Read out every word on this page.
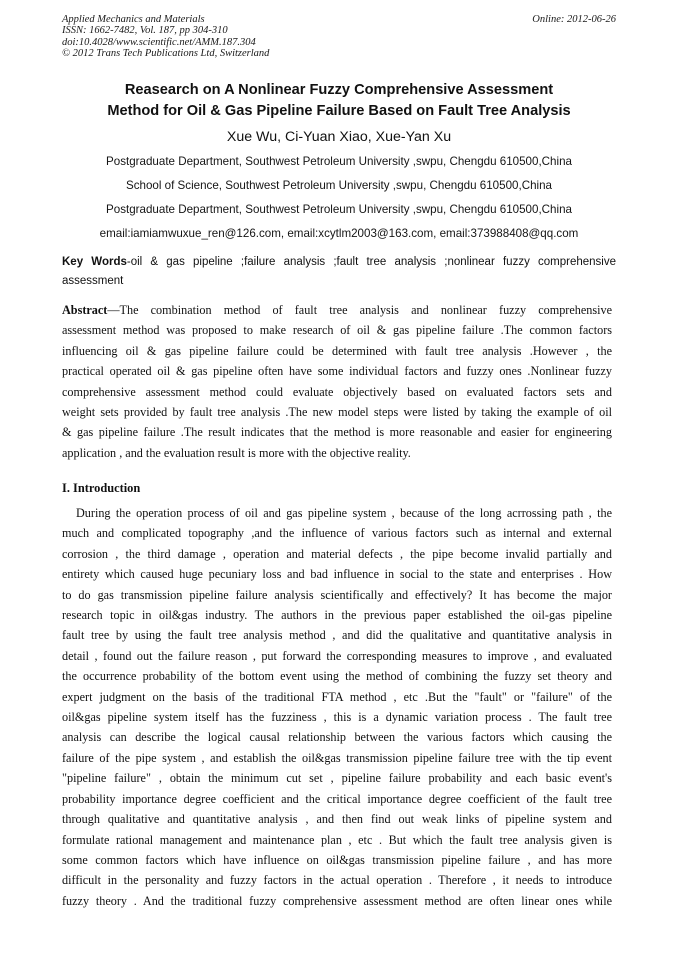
Applied Mechanics and Materials	Online: 2012-06-26
ISSN: 1662-7482, Vol. 187, pp 304-310
doi:10.4028/www.scientific.net/AMM.187.304
© 2012 Trans Tech Publications Ltd, Switzerland
Reasearch on A Nonlinear Fuzzy Comprehensive Assessment
Method for Oil & Gas Pipeline Failure Based on Fault Tree Analysis
Xue Wu, Ci-Yuan Xiao, Xue-Yan Xu
Postgraduate Department, Southwest Petroleum University ,swpu, Chengdu 610500,China
School of Science, Southwest Petroleum University ,swpu, Chengdu 610500,China
Postgraduate Department, Southwest Petroleum University ,swpu, Chengdu 610500,China
email:iamiamwuxue_ren@126.com, email:xcytlm2003@163.com, email:373988408@qq.com
Key Words-oil & gas pipeline ;failure analysis ;fault tree analysis ;nonlinear fuzzy comprehensive assessment
Abstract—The combination method of fault tree analysis and nonlinear fuzzy comprehensive
assessment method was proposed to make research of oil & gas pipeline failure .The common factors
influencing oil & gas pipeline failure could be determined with fault tree analysis .However , the
practical operated oil & gas pipeline often have some individual factors and fuzzy ones .Nonlinear fuzzy
comprehensive assessment method could evaluate objectively based on evaluated factors sets and
weight sets provided by fault tree analysis .The new model steps were listed by taking the example of oil
& gas pipeline failure .The result indicates that the method is more reasonable and easier for engineering
application , and the evaluation result is more with the objective reality.
I. Introduction
During the operation process of oil and gas pipeline system , because of the long acrrossing path , the
much and complicated topography ,and the influence of various factors such as internal and external
corrosion , the third damage , operation and material defects , the pipe become invalid partially and
entirety which caused huge pecuniary loss and bad influence in social to the state and enterprises . How
to do gas transmission pipeline failure analysis scientifically and effectively? It has become the major
research topic in oil&gas industry. The authors in the previous paper established the oil-gas pipeline
fault tree by using the fault tree analysis method , and did the qualitative and quantitative analysis in
detail , found out the failure reason , put forward the corresponding measures to improve , and evaluated
the occurrence probability of the bottom event using the method of combining the fuzzy set theory and
expert judgment on the basis of the traditional FTA method , etc .But the "fault" or "failure" of the
oil&gas pipeline system itself has the fuzziness , this is a dynamic variation process . The fault tree
analysis can describe the logical causal relationship between the various factors which causing the
failure of the pipe system , and establish the oil&gas transmission pipeline failure tree with the tip event
"pipeline failure" , obtain the minimum cut set , pipeline failure probability and each basic event's
probability importance degree coefficient and the critical importance degree coefficient of the fault tree
through qualitative and quantitative analysis , and then find out weak links of pipeline system and
formulate rational management and maintenance plan , etc . But which the fault tree analysis given is
some common factors which have influence on oil&gas transmission pipeline failure , and has more
difficult in the personality and fuzzy factors in the actual operation . Therefore , it needs to introduce
fuzzy theory . And the traditional fuzzy comprehensive assessment method are often linear ones while
